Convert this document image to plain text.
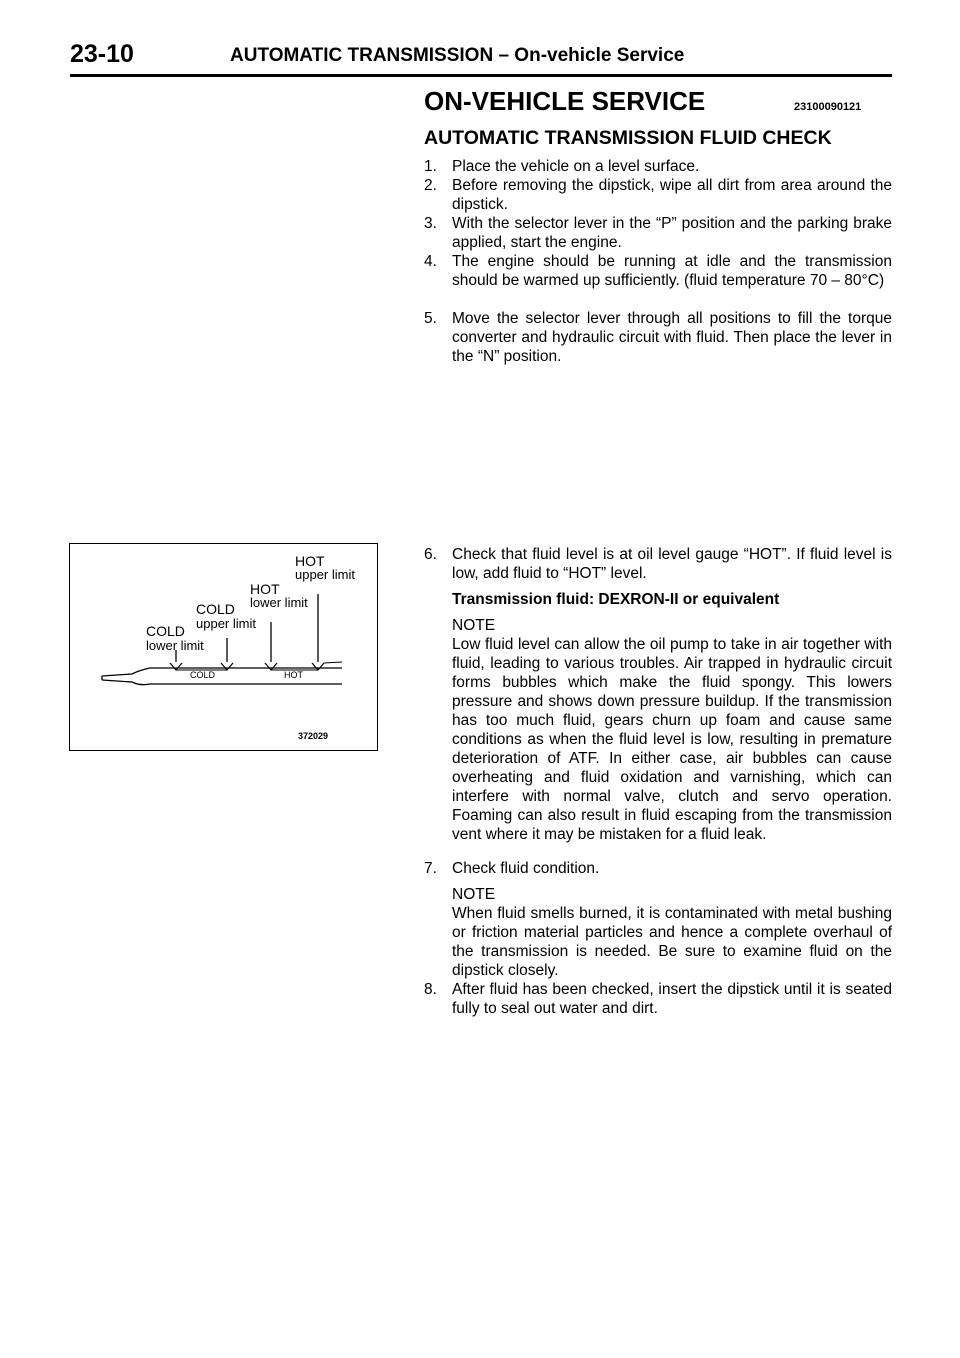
23-10	AUTOMATIC TRANSMISSION – On-vehicle Service
ON-VEHICLE SERVICE	23100090121
AUTOMATIC TRANSMISSION FLUID CHECK
1. Place the vehicle on a level surface.
2. Before removing the dipstick, wipe all dirt from area around the dipstick.
3. With the selector lever in the “P” position and the parking brake applied, start the engine.
4. The engine should be running at idle and the transmission should be warmed up sufficiently. (fluid temperature 70 – 80°C)
5. Move the selector lever through all positions to fill the torque converter and hydraulic circuit with fluid. Then place the lever in the “N” position.
HOT
upper limit
HOT
lower limit
COLD
upper limit
COLD
lower limit
COLD	HOT
372029
6. Check that fluid level is at oil level gauge “HOT”. If fluid level is low, add fluid to “HOT” level.
Transmission fluid: DEXRON-II or equivalent
NOTE
Low fluid level can allow the oil pump to take in air together with fluid, leading to various troubles. Air trapped in hydraulic circuit forms bubbles which make the fluid spongy. This lowers pressure and shows down pressure buildup. If the transmission has too much fluid, gears churn up foam and cause same conditions as when the fluid level is low, resulting in premature deterioration of ATF. In either case, air bubbles can cause overheating and fluid oxidation and varnishing, which can interfere with normal valve, clutch and servo operation. Foaming can also result in fluid escaping from the transmission vent where it may be mistaken for a fluid leak.
7. Check fluid condition.
NOTE
When fluid smells burned, it is contaminated with metal bushing or friction material particles and hence a complete overhaul of the transmission is needed. Be sure to examine fluid on the dipstick closely.
8. After fluid has been checked, insert the dipstick until it is seated fully to seal out water and dirt.
